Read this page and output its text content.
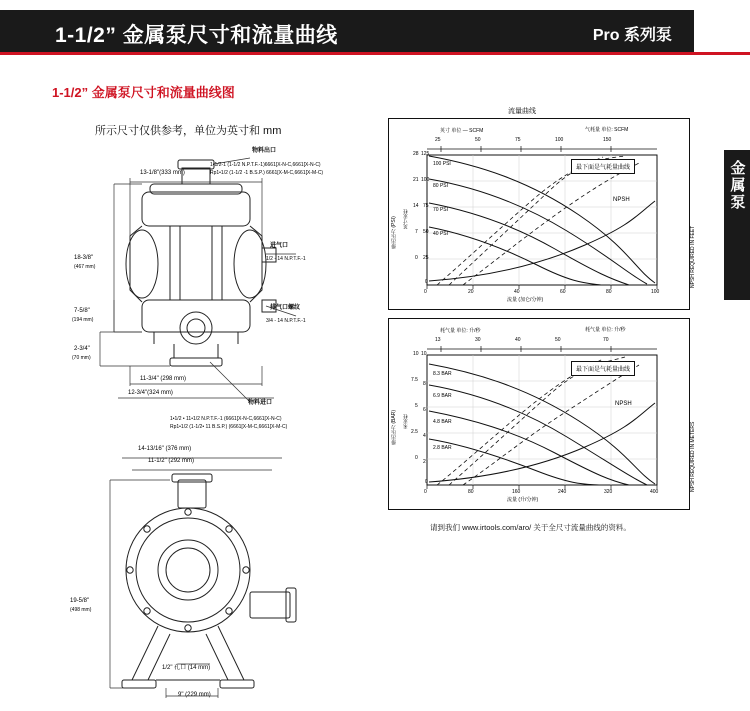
1-1/2” 金属泵尺寸和流量曲线	Pro 系列泵
金属泵
1-1/2” 金属泵尺寸和流量曲线图
所示尺寸仅供参考，单位为英寸和 mm
13-1/8"(333 mm)
18-3/8"
(467 mm)
7-5/8"
(194 mm)
2-3/4"
(70 mm)
11-3/4" (298 mm)
12-3/4"(324 mm)
物料出口
1•1/2-1 (1-1/2 N.P.T.F.-1)6661[X-N-C,6661[X-N-C)
Rp1•1/2 (1-1/2 -1 B.S.P.) 6661[X-M-C,6661[X-M-C)
进气口
1/2 - 14 N.P.T.F.-1
排气口螺纹
3/4 - 14 N.P.T.F.-1
物料进口
1•1/2 • 11•1/2 N.P.T.F.-1 (6661[X-N-C,6661[X-N-C)
Rp1•1/2 (1-1/2• 11 B.S.P.) (6661[X-M-C,6661[X-M-C)
14-13/16" (376 mm)
11-1/2" (292 mm)
19-5/8"
(498 mm)
1/2" 孔口 (14 mm)
9" (229 mm)
流量曲线
气耗量 单位: SCFM
25	50	75	100	150
28
21
14
7
0
125
100
75
50
25
0
0	20	40	60	80	100
流量 (加仑/分钟)
排出压力 (PSI) 英寸汞柱
100 PSI
80 PSI
70 PSI
40 PSI
NPSH
最下面是气耗量曲线
NPSH REQUIRED IN FEET
英寸 单位 — SCFM
耗气量 单位: 升/秒
13	30	40	50	70
10
7.5
5
2.5
0
10
8
6
4
2
0
0	80	160	240	320	400
流量 (升/分钟)
排出压力 (BAR) 米汞柱
8.3 BAR
6.9 BAR
4.8 BAR
2.8 BAR
NPSH
最下面是气耗量曲线
NPSH REQUIRED IN METERS
耗气量 单位: 升/秒
请到我们 www.irtools.com/aro/ 关于全尺寸流量曲线的资料。
